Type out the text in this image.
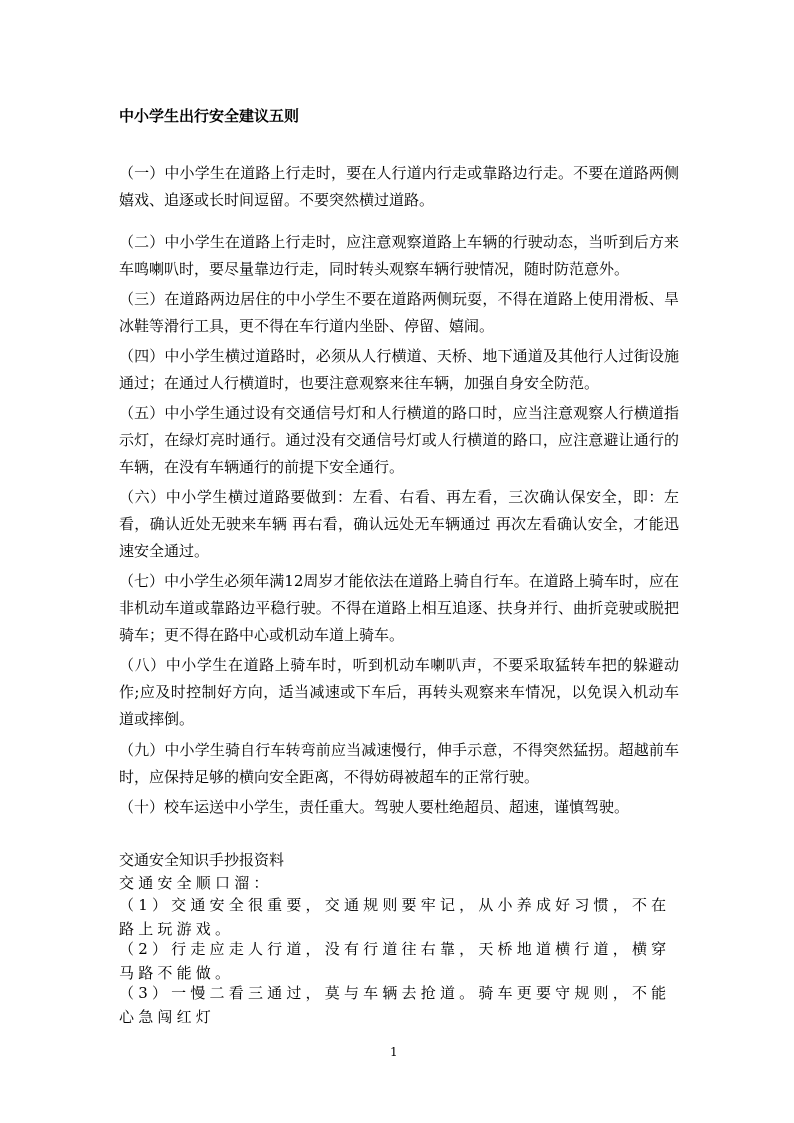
中小学生出行安全建议五则
（一）中小学生在道路上行走时，要在人行道内行走或靠路边行走。不要在道路两侧嬉戏、追逐或长时间逗留。不要突然横过道路。
（二）中小学生在道路上行走时，应注意观察道路上车辆的行驶动态，当听到后方来车鸣喇叭时，要尽量靠边行走，同时转头观察车辆行驶情况，随时防范意外。
（三）在道路两边居住的中小学生不要在道路两侧玩耍，不得在道路上使用滑板、旱冰鞋等滑行工具，更不得在车行道内坐卧、停留、嬉闹。
（四）中小学生横过道路时，必须从人行横道、天桥、地下通道及其他行人过街设施通过；在通过人行横道时，也要注意观察来往车辆，加强自身安全防范。
（五）中小学生通过设有交通信号灯和人行横道的路口时，应当注意观察人行横道指示灯，在绿灯亮时通行。通过没有交通信号灯或人行横道的路口，应注意避让通行的车辆，在没有车辆通行的前提下安全通行。
（六）中小学生横过道路要做到：左看、右看、再左看，三次确认保安全，即：左看，确认近处无驶来车辆 再右看，确认远处无车辆通过 再次左看确认安全，才能迅速安全通过。
（七）中小学生必须年满12周岁才能依法在道路上骑自行车。在道路上骑车时，应在非机动车道或靠路边平稳行驶。不得在道路上相互追逐、扶身并行、曲折竞驶或脱把骑车；更不得在路中心或机动车道上骑车。
（八）中小学生在道路上骑车时，听到机动车喇叭声，不要采取猛转车把的躲避动作;应及时控制好方向，适当减速或下车后，再转头观察来车情况，以免误入机动车道或摔倒。
（九）中小学生骑自行车转弯前应当减速慢行，伸手示意，不得突然猛拐。超越前车时，应保持足够的横向安全距离，不得妨碍被超车的正常行驶。
（十）校车运送中小学生，责任重大。驾驶人要杜绝超员、超速，谨慎驾驶。
交通安全知识手抄报资料
交通安全顺口溜：
（1）交通安全很重要，交通规则要牢记，从小养成好习惯，不在路上玩游戏。
（2）行走应走人行道，没有行道往右靠，天桥地道横行道，横穿马路不能做。
（3）一慢二看三通过，莫与车辆去抢道。骑车更要守规则，不能心急闯红灯
1
